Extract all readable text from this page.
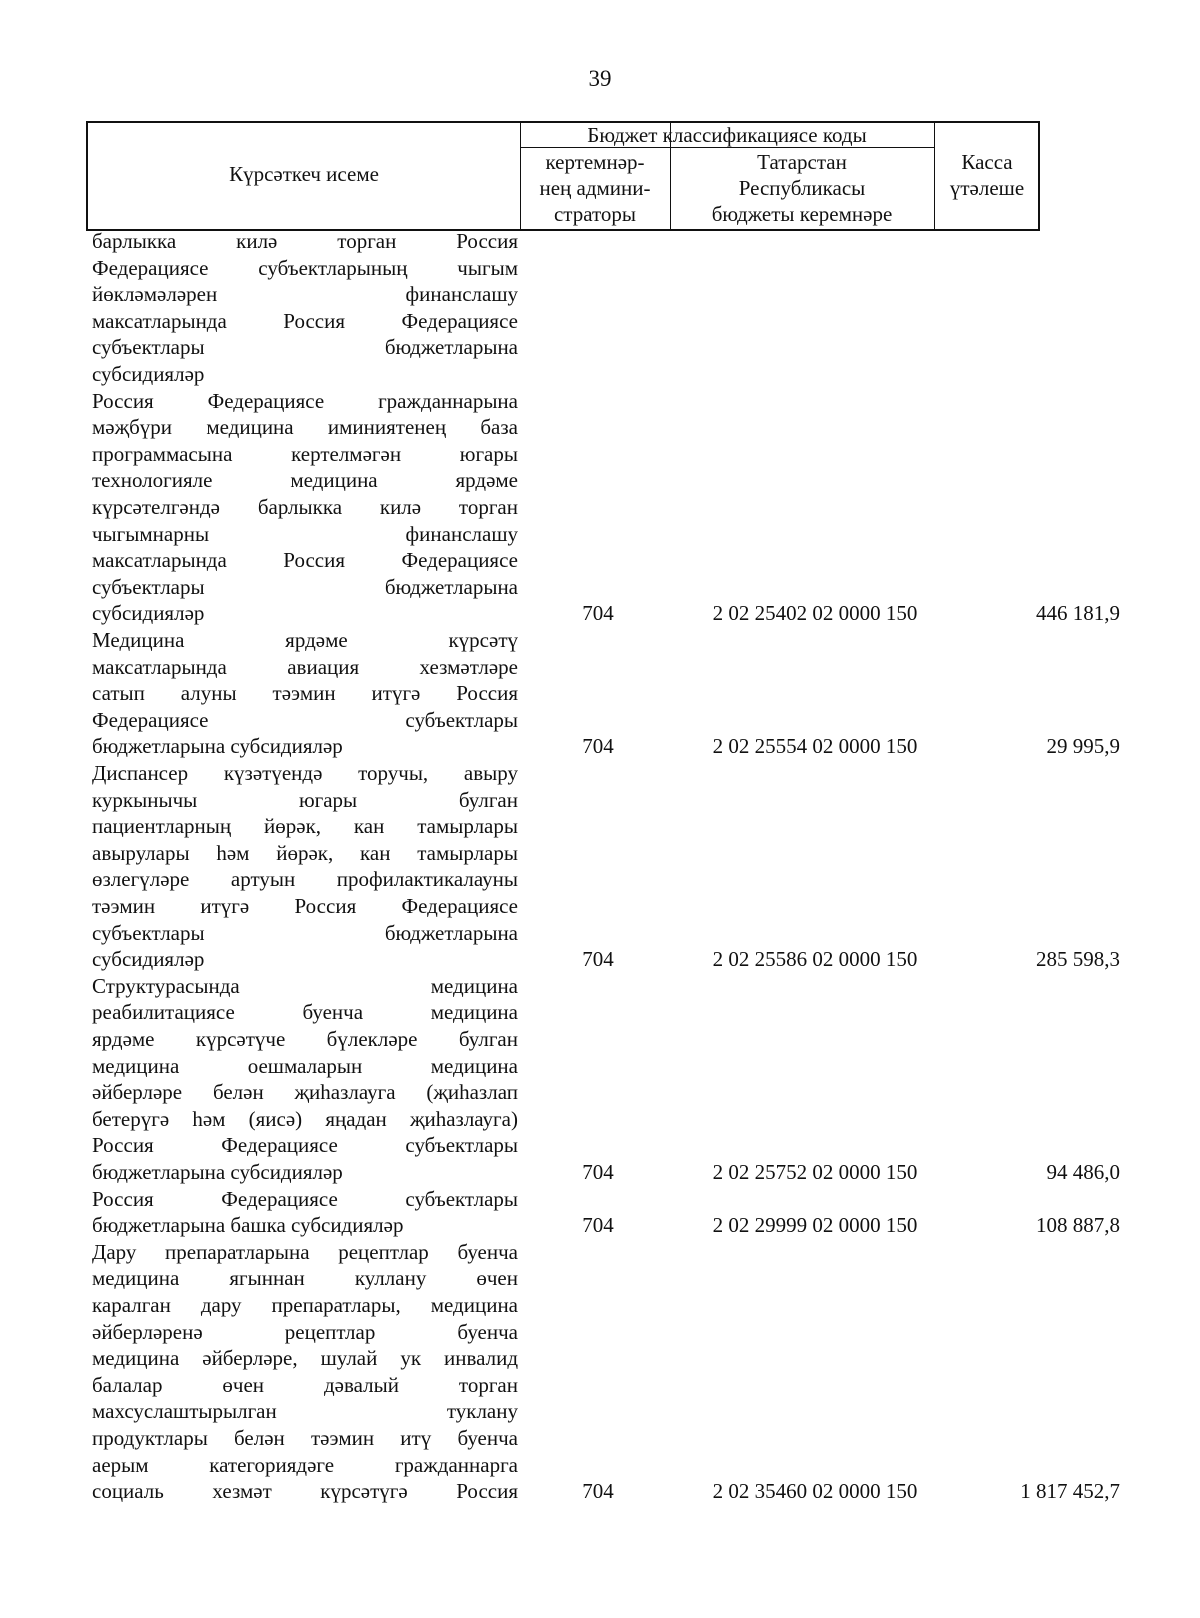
39
Күрсәткеч исеме
Бюджет классификациясе коды
кертемнәр-
нең админи-
страторы
Татарстан
Республикасы
бюджеты керемнәре
Касса
үтәлеше
барлыкка килә торган Россия
Федерациясе субъектларының чыгым
йөкләмәләрен финанслашу
максатларында Россия Федерациясе
субъектлары бюджетларына
субсидияләр
Россия Федерациясе гражданнарына
мәҗбүри медицина иминиятенең база
программасына кертелмәгән югары
технологияле медицина ярдәме
күрсәтелгәндә барлыкка килә торган
чыгымнарны финанслашу
максатларында Россия Федерациясе
субъектлары бюджетларына
субсидияләр	704	2 02 25402 02 0000 150	446 181,9
Медицина ярдәме күрсәтү
максатларында авиация хезмәтләре
сатып алуны тәэмин итүгә Россия
Федерациясе субъектлары
бюджетларына субсидияләр	704	2 02 25554 02 0000 150	29 995,9
Диспансер күзәтүендә торучы, авыру
куркынычы югары булган
пациентларның йөрәк, кан тамырлары
авырулары һәм йөрәк, кан тамырлары
өзлегүләре артуын профилактикалауны
тәэмин итүгә Россия Федерациясе
субъектлары бюджетларына
субсидияләр	704	2 02 25586 02 0000 150	285 598,3
Структурасында медицина
реабилитациясе буенча медицина
ярдәме күрсәтүче бүлекләре булган
медицина оешмаларын медицина
әйберләре белән җиһазлауга (җиһазлап
бетерүгә һәм (яисә) яңадан җиһазлауга)
Россия Федерациясе субъектлары
бюджетларына субсидияләр	704	2 02 25752 02 0000 150	94 486,0
Россия Федерациясе субъектлары
бюджетларына башка субсидияләр	704	2 02 29999 02 0000 150	108 887,8
Дару препаратларына рецептлар буенча
медицина ягыннан куллану өчен
каралган дару препаратлары, медицина
әйберләренә рецептлар буенча
медицина әйберләре, шулай ук инвалид
балалар өчен дәвалый торган
махсуслаштырылган туклану
продуктлары белән тәэмин итү буенча
аерым категориядәге гражданнарга
социаль хезмәт күрсәтүгә Россия	704	2 02 35460 02 0000 150	1 817 452,7
